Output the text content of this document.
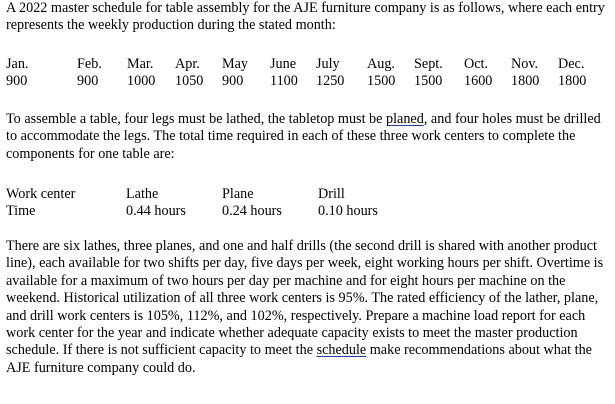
A 2022 master schedule for table assembly for the AJE furniture company is as follows, where each entry represents the weekly production during the stated month:

Jan.	Feb. Mar. Apr. May June July Aug. Sept. Oct. Nov. Dec.
900	900 1000 1050 900 1100 1250 1500 1500 1600 1800 1800

To assemble a table, four legs must be lathed, the tabletop must be planed, and four holes must be drilled to accommodate the legs. The total time required in each of these three work centers to complete the components for one table are:

Work center	Lathe	Plane	Drill
Time	0.44 hours	0.24 hours	0.10 hours

There are six lathes, three planes, and one and half drills (the second drill is shared with another product line), each available for two shifts per day, five days per week, eight working hours per shift. Overtime is available for a maximum of two hours per day per machine and for eight hours per machine on the weekend. Historical utilization of all three work centers is 95%. The rated efficiency of the lather, plane, and drill work centers is 105%, 112%, and 102%, respectively. Prepare a machine load report for each work center for the year and indicate whether adequate capacity exists to meet the master production schedule. If there is not sufficient capacity to meet the schedule make recommendations about what the AJE furniture company could do.
